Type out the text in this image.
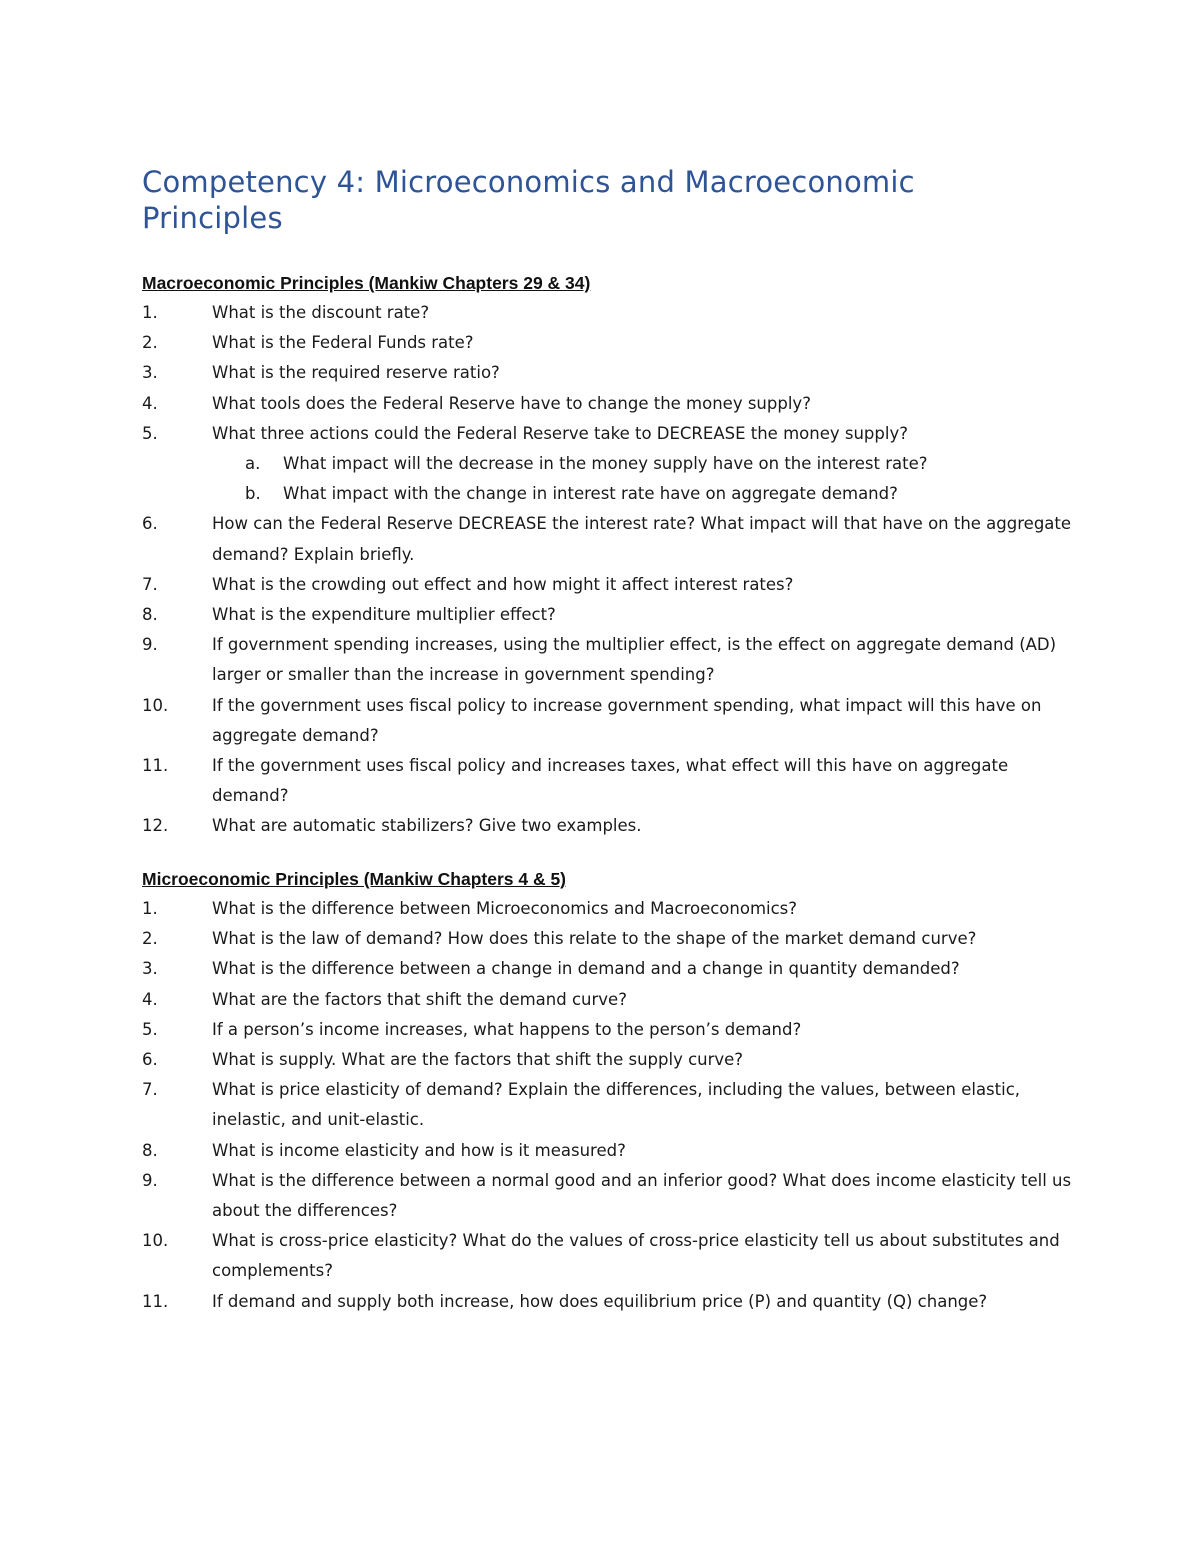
Competency 4: Microeconomics and Macroeconomic Principles
Macroeconomic Principles (Mankiw Chapters 29 & 34)
1.	What is the discount rate?
2.	What is the Federal Funds rate?
3.	What is the required reserve ratio?
4.	What tools does the Federal Reserve have to change the money supply?
5.	What three actions could the Federal Reserve take to DECREASE the money supply?
a.	What impact will the decrease in the money supply have on the interest rate?
b.	What impact with the change in interest rate have on aggregate demand?
6.	How can the Federal Reserve DECREASE the interest rate? What impact will that have on the aggregate demand? Explain briefly.
7.	What is the crowding out effect and how might it affect interest rates?
8.	What is the expenditure multiplier effect?
9.	If government spending increases, using the multiplier effect, is the effect on aggregate demand (AD) larger or smaller than the increase in government spending?
10.	If the government uses fiscal policy to increase government spending, what impact will this have on aggregate demand?
11.	If the government uses fiscal policy and increases taxes, what effect will this have on aggregate demand?
12.	What are automatic stabilizers? Give two examples.
Microeconomic Principles (Mankiw Chapters 4 & 5)
1.	What is the difference between Microeconomics and Macroeconomics?
2.	What is the law of demand? How does this relate to the shape of the market demand curve?
3.	What is the difference between a change in demand and a change in quantity demanded?
4.	What are the factors that shift the demand curve?
5.	If a person’s income increases, what happens to the person’s demand?
6.	What is supply. What are the factors that shift the supply curve?
7.	What is price elasticity of demand? Explain the differences, including the values, between elastic, inelastic, and unit-elastic.
8.	What is income elasticity and how is it measured?
9.	What is the difference between a normal good and an inferior good? What does income elasticity tell us about the differences?
10.	What is cross-price elasticity? What do the values of cross-price elasticity tell us about substitutes and complements?
11.	If demand and supply both increase, how does equilibrium price (P) and quantity (Q) change?
